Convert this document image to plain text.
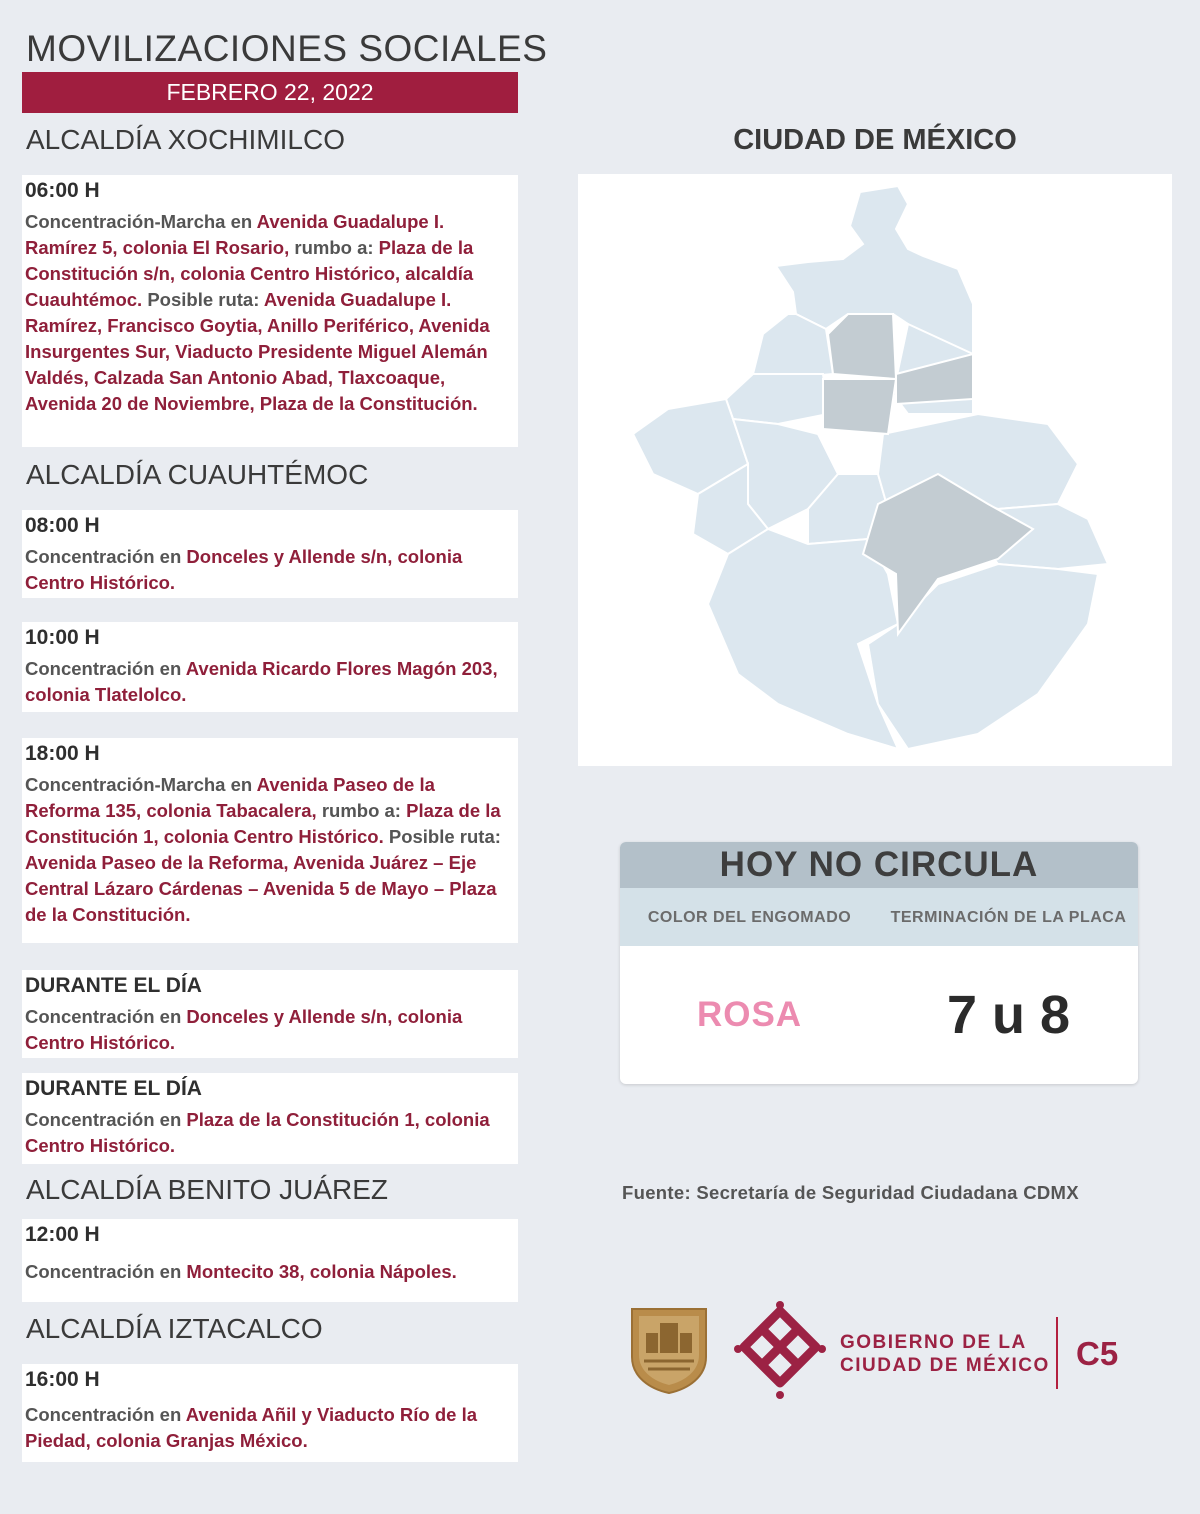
MOVILIZACIONES SOCIALES
FEBRERO 22, 2022
ALCALDÍA XOCHIMILCO

06:00 H

Concentración-Marcha en Avenida Guadalupe I. Ramírez 5, colonia El Rosario, rumbo a: Plaza de la Constitución s/n, colonia Centro Histórico, alcaldía Cuauhtémoc. Posible ruta: Avenida Guadalupe I. Ramírez, Francisco Goytia, Anillo Periférico, Avenida Insurgentes Sur, Viaducto Presidente Miguel Alemán Valdés, Calzada San Antonio Abad, Tlaxcoaque, Avenida 20 de Noviembre, Plaza de la Constitución.

ALCALDÍA CUAUHTÉMOC

08:00 H

Concentración en Donceles y Allende s/n, colonia Centro Histórico.

10:00 H

Concentración en Avenida Ricardo Flores Magón 203, colonia Tlatelolco.

18:00 H

Concentración-Marcha en Avenida Paseo de la Reforma 135, colonia Tabacalera, rumbo a: Plaza de la Constitución 1, colonia Centro Histórico. Posible ruta: Avenida Paseo de la Reforma, Avenida Juárez – Eje Central Lázaro Cárdenas – Avenida 5 de Mayo – Plaza de la Constitución.

DURANTE EL DÍA

Concentración en Donceles y Allende s/n, colonia Centro Histórico.

DURANTE EL DÍA

Concentración en Plaza de la Constitución 1, colonia Centro Histórico.

ALCALDÍA BENITO JUÁREZ

12:00 H

Concentración en Montecito 38, colonia Nápoles.

ALCALDÍA IZTACALCO

16:00 H

Concentración en Avenida Añil y Viaducto Río de la Piedad, colonia Granjas México.

CIUDAD DE MÉXICO
HOY NO CIRCULA
COLOR DEL ENGOMADO	TERMINACIÓN DE LA PLACA
ROSA	7 u 8
Fuente: Secretaría de Seguridad Ciudadana CDMX
GOBIERNO DE LA
CIUDAD DE MÉXICO C5
